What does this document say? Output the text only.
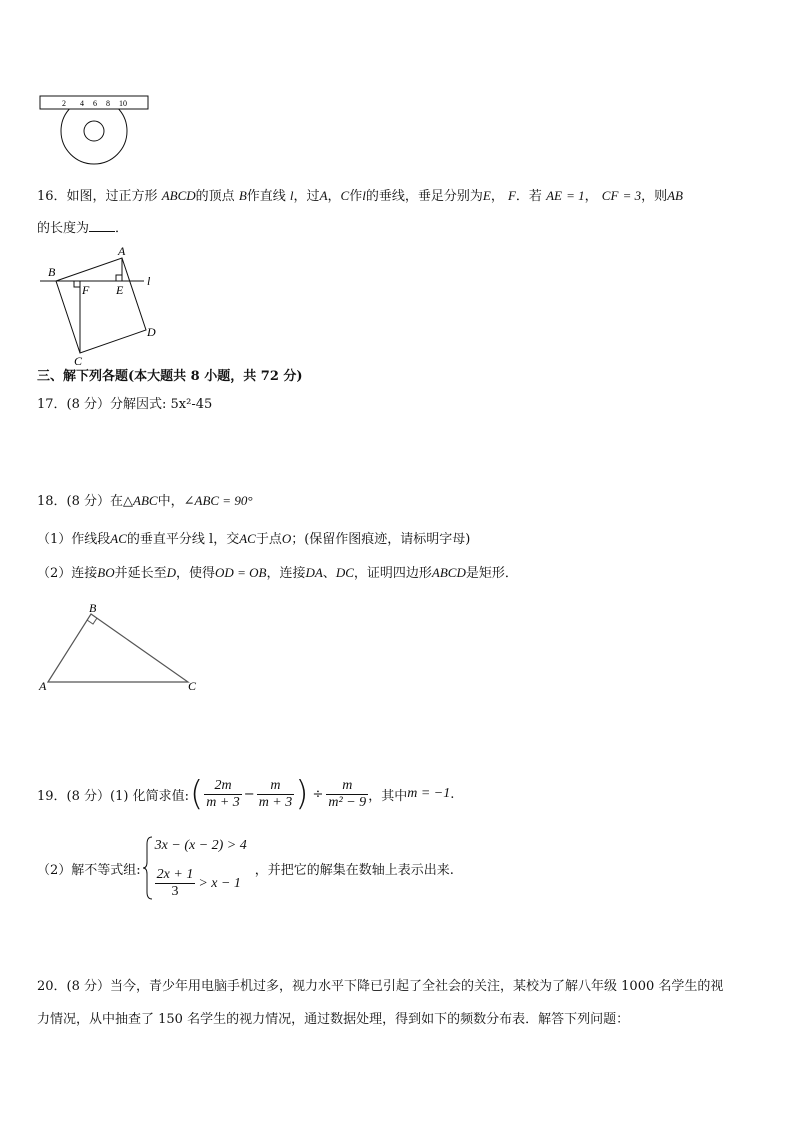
2 4 6 8 10
16．如图，过正方形 ABCD的顶点 B作直线 l，过A，C作l的垂线，垂足分别为E， F．若 AE = 1， CF = 3，则AB
的长度为 ．
A
B
C
D
E
F
l
三、解下列各题(本大题共 8 小题，共 72 分)
17．(8 分）分解因式: 5x²-45
18．(8 分）在△ABC中，∠ABC = 90°
（1）作线段AC的垂直平分线 l，交AC于点O；(保留作图痕迹，请标明字母)
（2）连接BO并延长至D，使得OD = OB，连接DA、DC，证明四边形ABCD是矩形．
A
B
C
19．(8 分）(1) 化简求值: ( $\frac{2m}{m + 3} - \frac{m}{m + 3}$ ) ÷ $\frac{m}{\text{m² − 9}}$ ，其中 m = −1 .
（2）解不等式组:
3x − (x − 2) > 4
$\frac{2x + 1}{3} > x - 1$
，并把它的解集在数轴上表示出来.
20．(8 分）当今，青少年用电脑手机过多，视力水平下降已引起了全社会的关注，某校为了解八年级 1000 名学生的视
力情况，从中抽查了 150 名学生的视力情况，通过数据处理，得到如下的频数分布表．解答下列问题：
